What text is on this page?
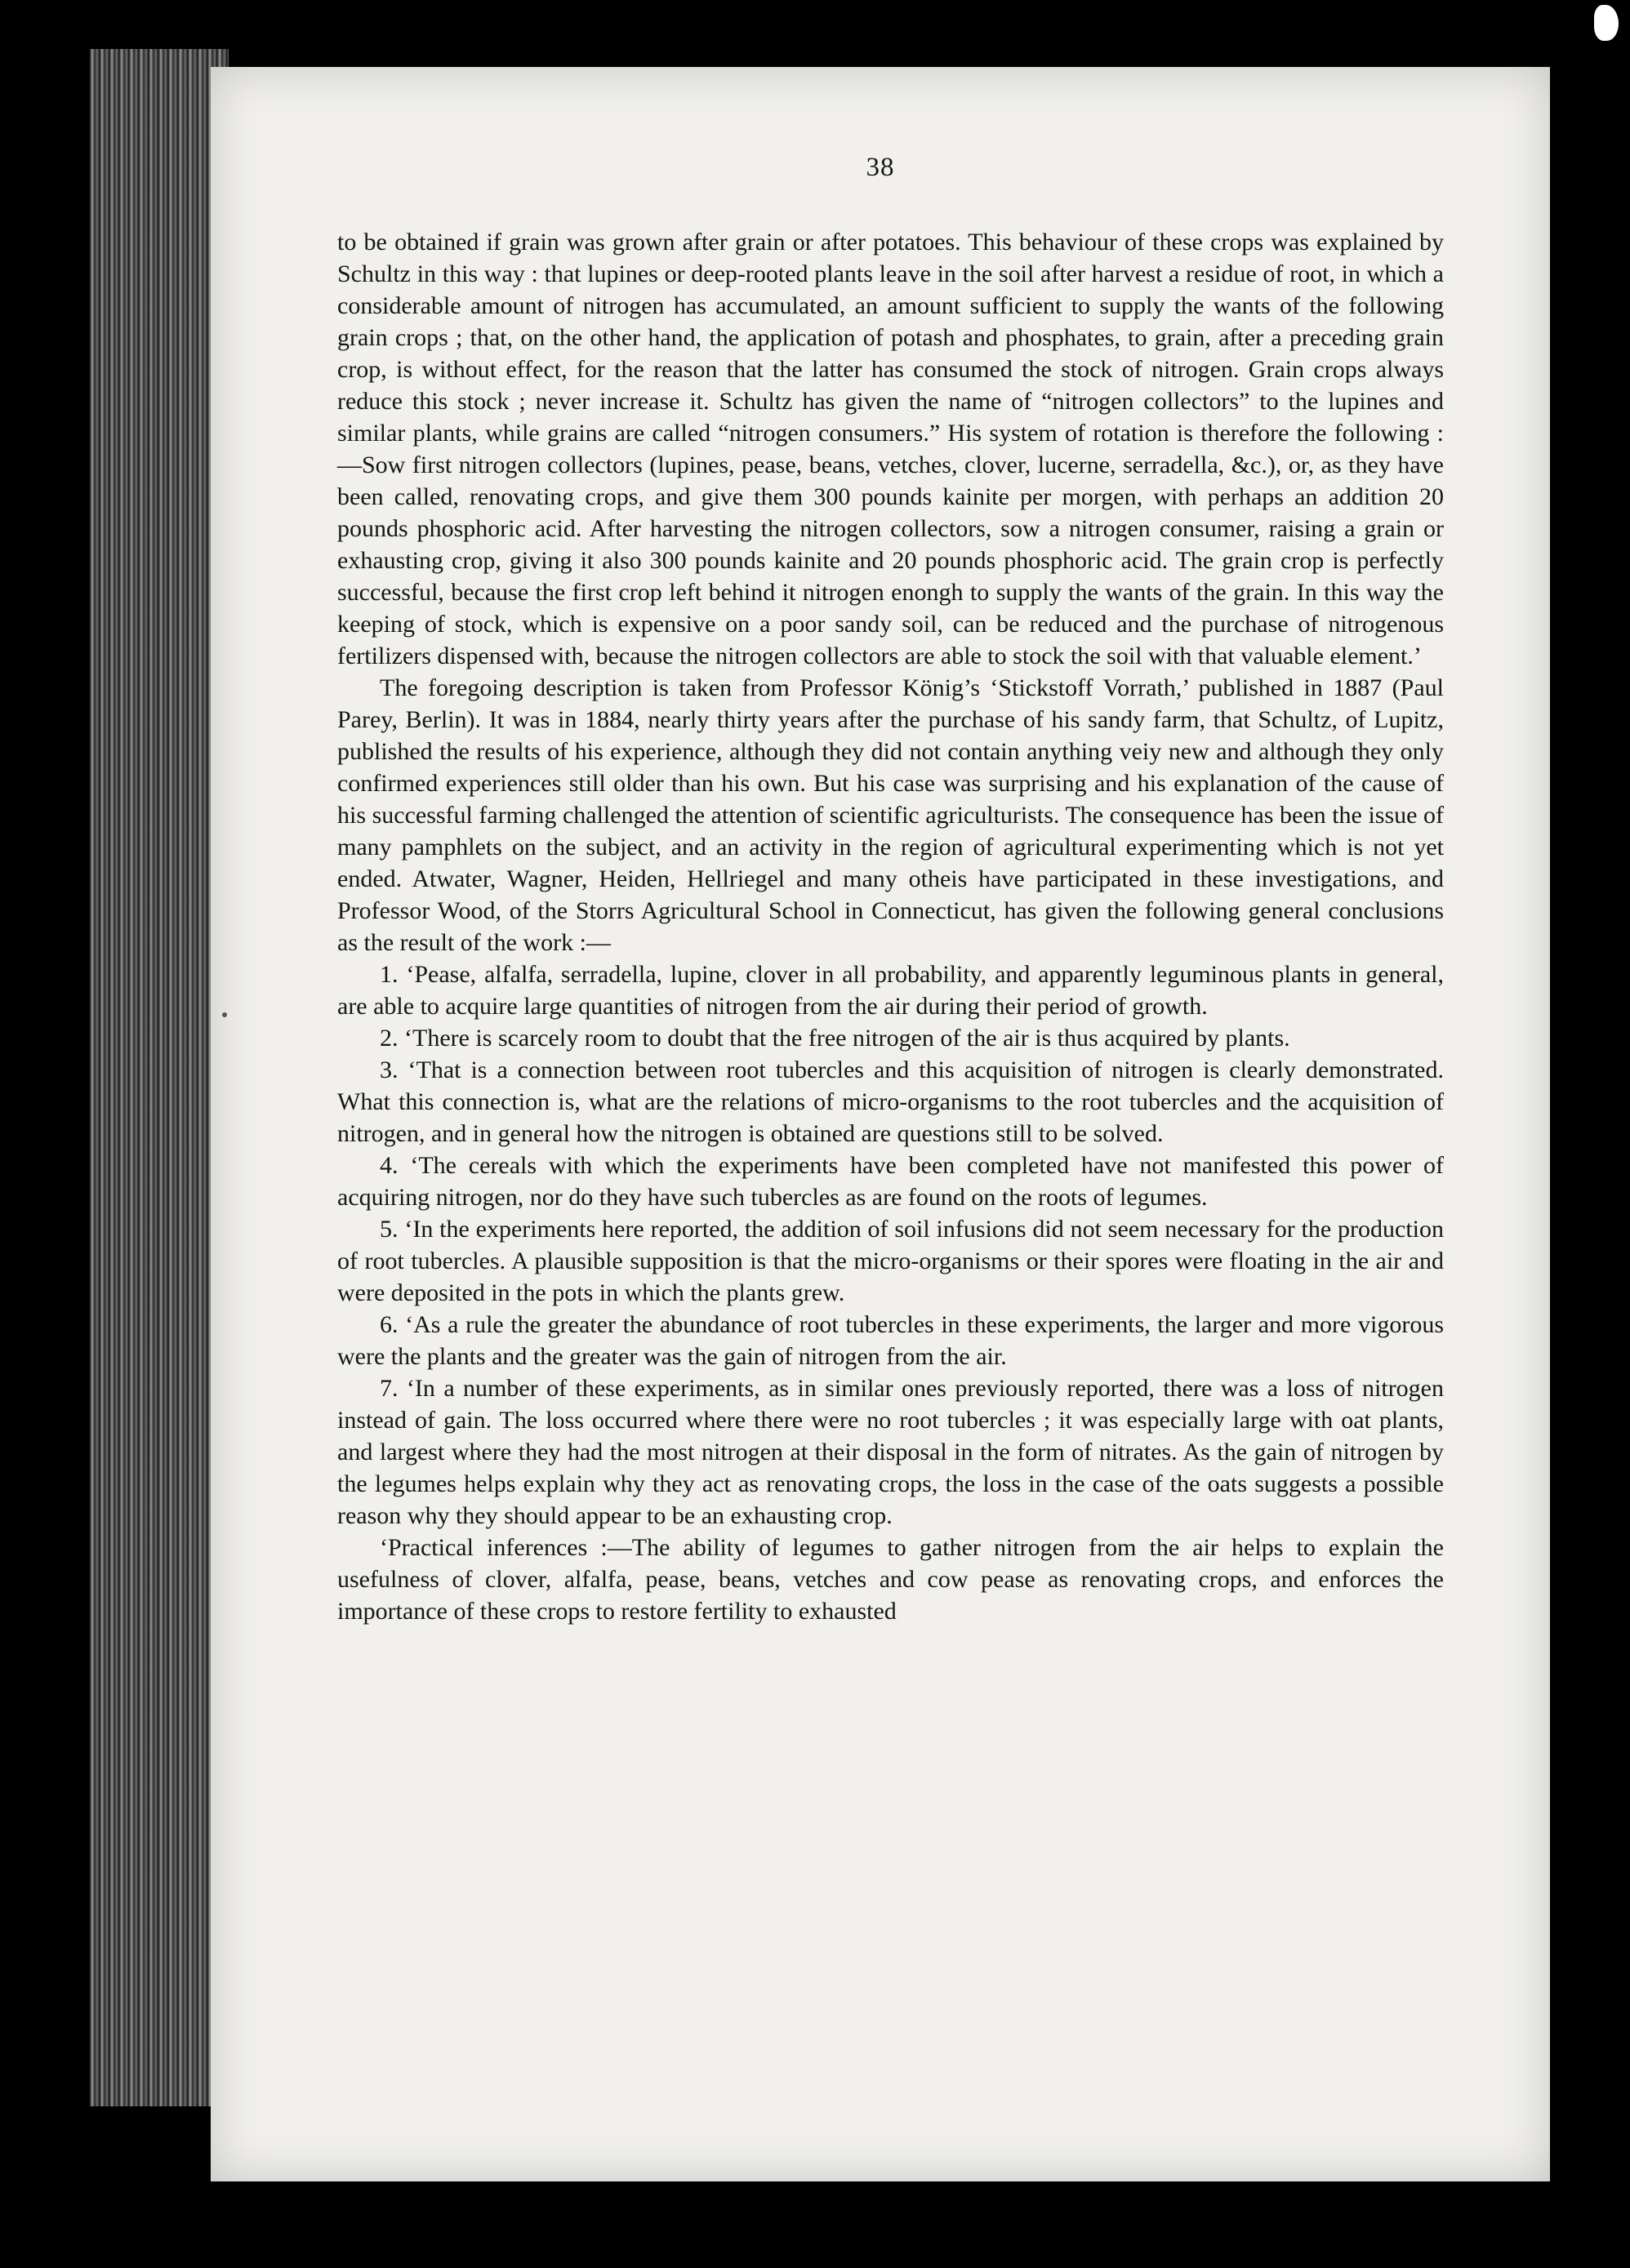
38

to be obtained if grain was grown after grain or after potatoes. This behaviour of these crops was explained by Schultz in this way : that lupines or deep-rooted plants leave in the soil after harvest a residue of root, in which a considerable amount of nitrogen has accumulated, an amount sufficient to supply the wants of the following grain crops ; that, on the other hand, the application of potash and phosphates, to grain, after a preceding grain crop, is without effect, for the reason that the latter has consumed the stock of nitrogen. Grain crops always reduce this stock ; never increase it. Schultz has given the name of “nitrogen collectors” to the lupines and similar plants, while grains are called “nitrogen consumers.” His system of rotation is therefore the following :—Sow first nitrogen collectors (lupines, pease, beans, vetches, clover, lucerne, serradella, &c.), or, as they have been called, renovating crops, and give them 300 pounds kainite per morgen, with perhaps an addition 20 pounds phosphoric acid. After harvesting the nitrogen collectors, sow a nitrogen consumer, raising a grain or exhausting crop, giving it also 300 pounds kainite and 20 pounds phosphoric acid. The grain crop is perfectly successful, because the first crop left behind it nitrogen enongh to supply the wants of the grain. In this way the keeping of stock, which is expensive on a poor sandy soil, can be reduced and the purchase of nitrogenous fertilizers dispensed with, because the nitrogen collectors are able to stock the soil with that valuable element.’

The foregoing description is taken from Professor König’s ‘Stickstoff Vorrath,’ published in 1887 (Paul Parey, Berlin). It was in 1884, nearly thirty years after the purchase of his sandy farm, that Schultz, of Lupitz, published the results of his experience, although they did not contain anything veiy new and although they only confirmed experiences still older than his own. But his case was surprising and his explanation of the cause of his successful farming challenged the attention of scientific agriculturists. The consequence has been the issue of many pamphlets on the subject, and an activity in the region of agricultural experimenting which is not yet ended. Atwater, Wagner, Heiden, Hellriegel and many otheis have participated in these investigations, and Professor Wood, of the Storrs Agricultural School in Connecticut, has given the following general conclusions as the result of the work :—

1. ‘Pease, alfalfa, serradella, lupine, clover in all probability, and apparently leguminous plants in general, are able to acquire large quantities of nitrogen from the air during their period of growth.

2. ‘There is scarcely room to doubt that the free nitrogen of the air is thus acquired by plants.

3. ‘That is a connection between root tubercles and this acquisition of nitrogen is clearly demonstrated. What this connection is, what are the relations of micro-organisms to the root tubercles and the acquisition of nitrogen, and in general how the nitrogen is obtained are questions still to be solved.

4. ‘The cereals with which the experiments have been completed have not manifested this power of acquiring nitrogen, nor do they have such tubercles as are found on the roots of legumes.

5. ‘In the experiments here reported, the addition of soil infusions did not seem necessary for the production of root tubercles. A plausible supposition is that the micro-organisms or their spores were floating in the air and were deposited in the pots in which the plants grew.

6. ‘As a rule the greater the abundance of root tubercles in these experiments, the larger and more vigorous were the plants and the greater was the gain of nitrogen from the air.

7. ‘In a number of these experiments, as in similar ones previously reported, there was a loss of nitrogen instead of gain. The loss occurred where there were no root tubercles ; it was especially large with oat plants, and largest where they had the most nitrogen at their disposal in the form of nitrates. As the gain of nitrogen by the legumes helps explain why they act as renovating crops, the loss in the case of the oats suggests a possible reason why they should appear to be an exhausting crop.

‘Practical inferences :—The ability of legumes to gather nitrogen from the air helps to explain the usefulness of clover, alfalfa, pease, beans, vetches and cow pease as renovating crops, and enforces the importance of these crops to restore fertility to exhausted
